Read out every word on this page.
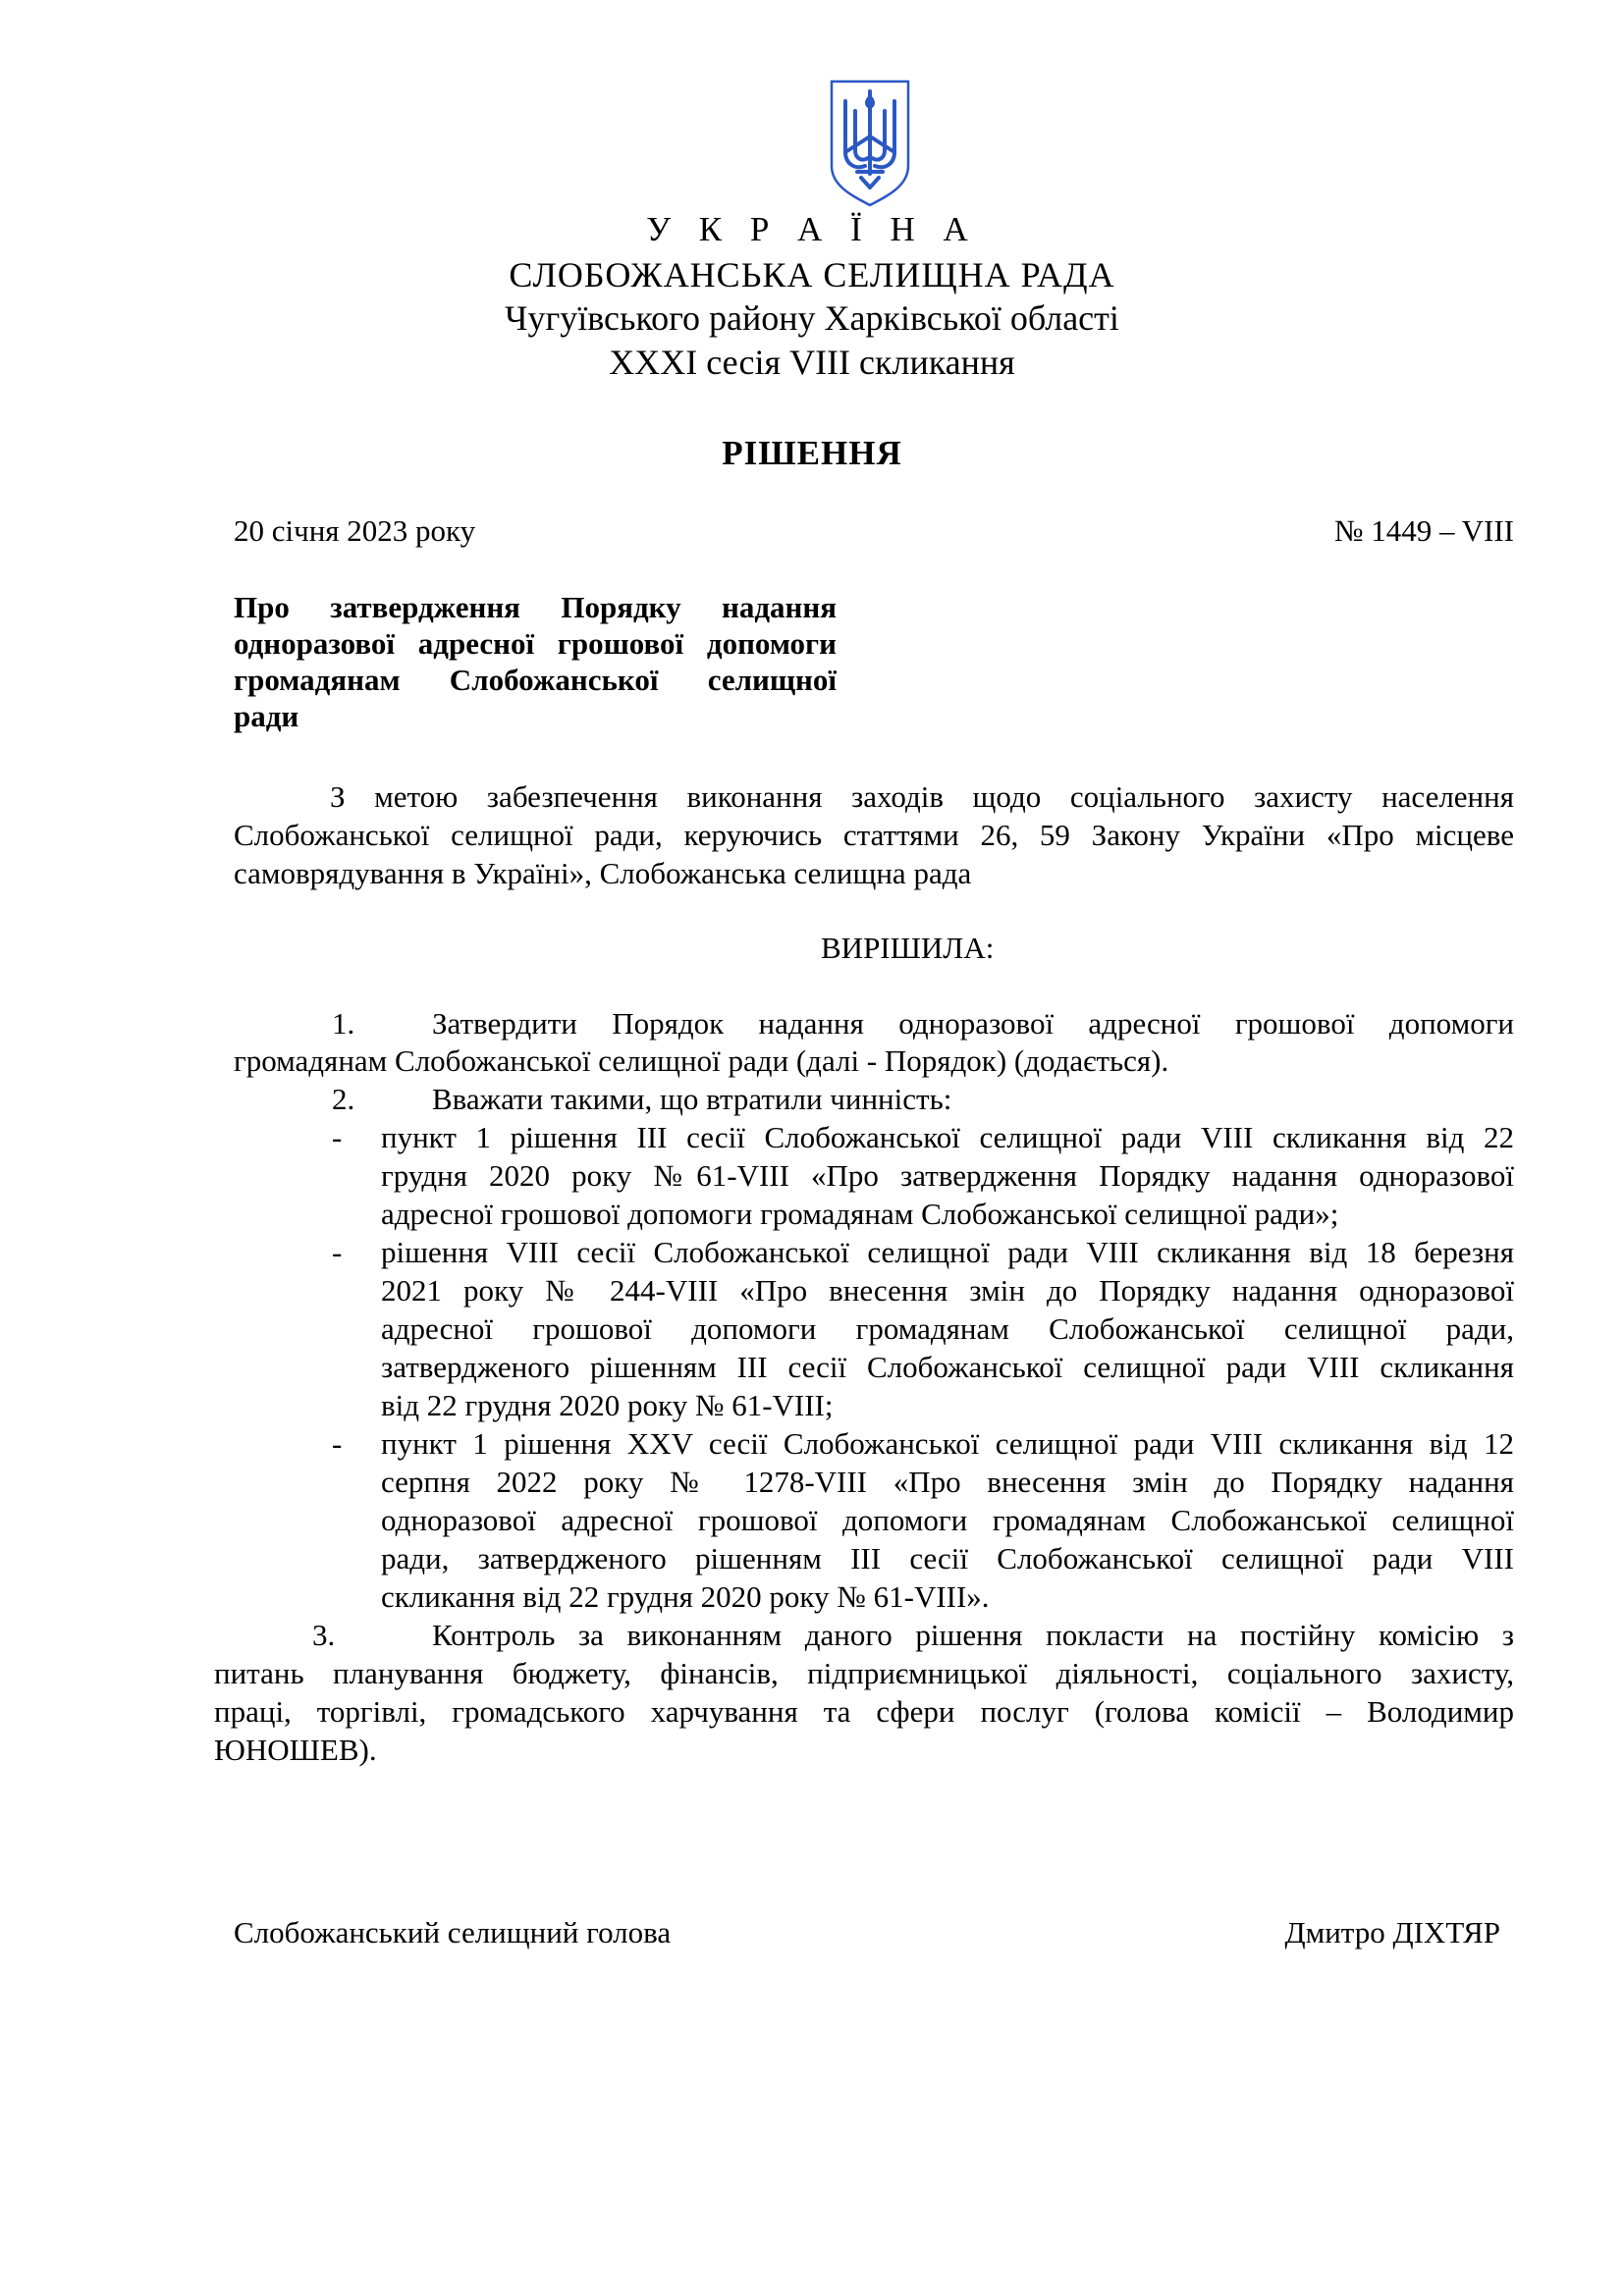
У К Р А Ї Н А
СЛОБОЖАНСЬКА СЕЛИЩНА РАДА
Чугуївського району Харківської області
XXXI сесія VIII скликання
РІШЕННЯ
20 січня 2023 року	№ 1449 – VIII
Про затвердження Порядку надання
одноразової адресної грошової допомоги
громадянам Слобожанської селищної
ради
З метою забезпечення виконання заходів щодо соціального захисту населення
Слобожанської селищної ради, керуючись статтями 26, 59 Закону України «Про місцеве
самоврядування в Україні», Слобожанська селищна рада
ВИРІШИЛА:
1.	Затвердити Порядок надання одноразової адресної грошової допомоги
громадянам Слобожанської селищної ради (далі - Порядок) (додається).
2.	Вважати такими, що втратили чинність:
- пункт 1 рішення ІІІ сесії Слобожанської селищної ради VIII скликання від 22
грудня 2020 року №61-VIII «Про затвердження Порядку надання одноразової
адресної грошової допомоги громадянам Слобожанської селищної ради»;
- рішення VIII сесії Слобожанської селищної ради VIII скликання від 18 березня
2021 року № 244-VIII «Про внесення змін до Порядку надання одноразової
адресної грошової допомоги громадянам Слобожанської селищної ради,
затвердженого рішенням ІІІ сесії Слобожанської селищної ради VIII скликання
від 22 грудня 2020 року № 61-VIII;
- пункт 1 рішення XXV сесії Слобожанської селищної ради VIII скликання від 12
серпня 2022 року № 1278-VIII «Про внесення змін до Порядку надання
одноразової адресної грошової допомоги громадянам Слобожанської селищної
ради, затвердженого рішенням ІІІ сесії Слобожанської селищної ради VIII
скликання від 22 грудня 2020 року № 61-VIII».
3.	Контроль за виконанням даного рішення покласти на постійну комісію з
питань планування бюджету, фінансів, підприємницької діяльності, соціального захисту,
праці, торгівлі, громадського харчування та сфери послуг (голова комісії – Володимир
ЮНОШЕВ).
Слобожанський селищний голова	Дмитро ДІХТЯР
